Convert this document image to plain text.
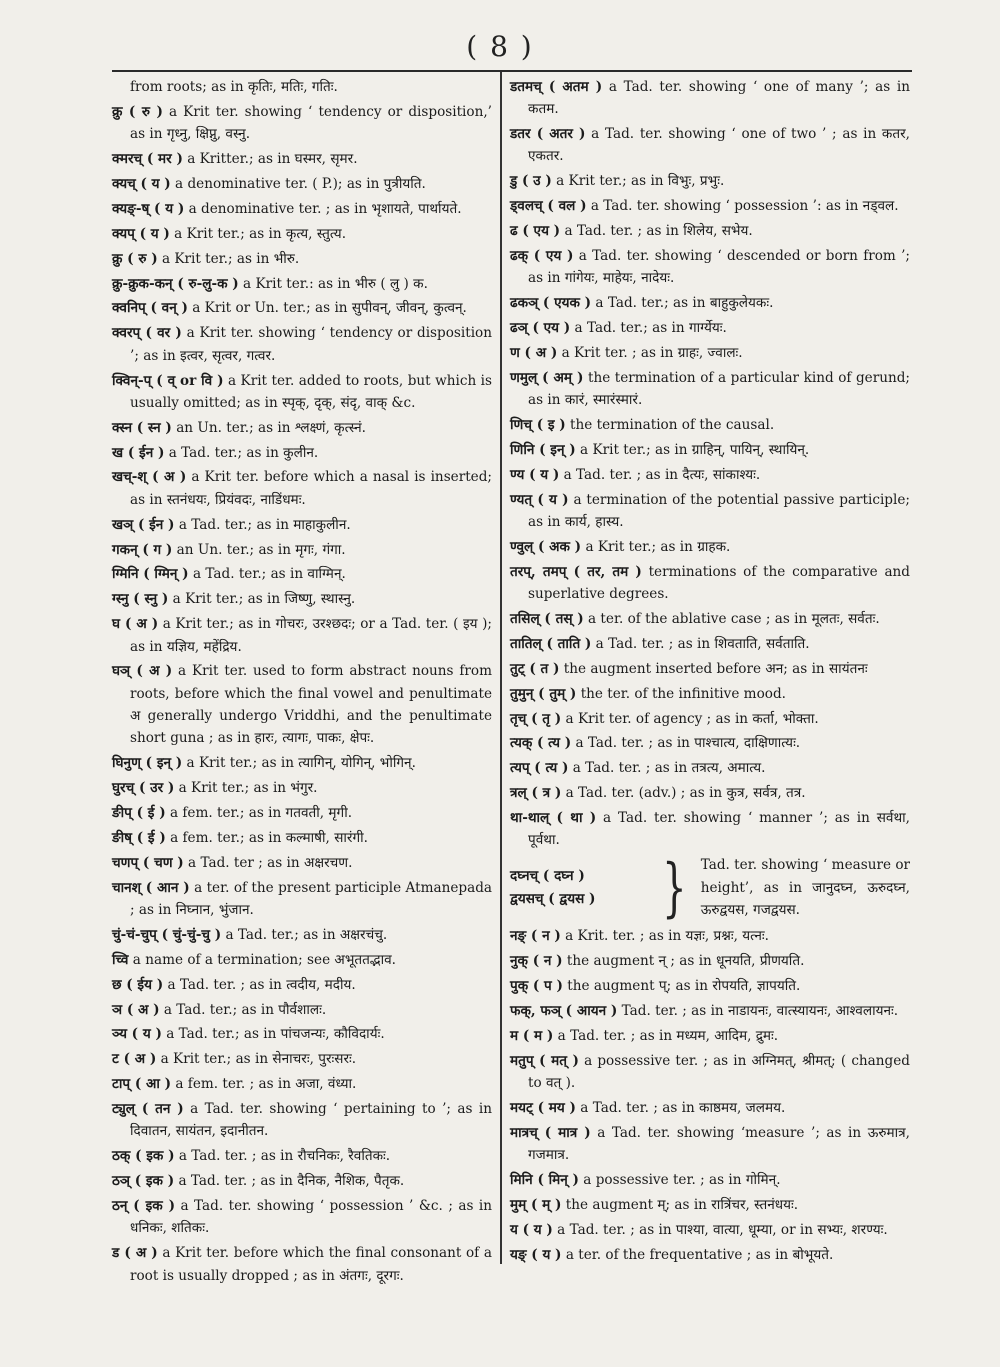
( 8 )

from roots; as in कृतिः, मतिः, गतिः.

क्रु ( रु ) a Krit ter. showing ‘ tendency or disposition,’ as in गृध्नु, क्षिप्नु, वस्नु.

क्मरच् ( मर ) a Kritter.; as in घस्मर, सृमर.

क्यच् ( य ) a denominative ter. ( P.); as in पुत्रीयति.

क्यङ्-ष् ( य ) a denominative ter. ; as in भृशायते, पार्थायते.

क्यप् ( य ) a Krit ter.; as in कृत्य, स्तुत्य.

क्रु ( रु ) a Krit ter.; as in भीरु.

क्रु-क्रुक-कन् ( रु-लु-क ) a Krit ter.: as in भीरु ( लु ) क.

क्वनिप् ( वन् ) a Krit or Un. ter.; as in सुपीवन्, जीवन्, कुत्वन्.

क्वरप् ( वर ) a Krit ter. showing ‘ tendency or disposition ’; as in इत्वर, सृत्वर, गत्वर.

क्विन्-प् ( व् or वि ) a Krit ter. added to roots, but which is usually omitted; as in स्पृक्, दृक्, संदृ, वाक् &c.

क्स्न ( स्न ) an Un. ter.; as in श्लक्ष्णं, कृत्स्नं.

ख ( ईन ) a Tad. ter.; as in कुलीन.

खच्-श् ( अ ) a Krit ter. before which a nasal is inserted; as in स्तनंधयः, प्रियंवदः, नाडिंधमः.

खञ् ( ईन ) a Tad. ter.; as in माहाकुलीन.

गकन् ( ग ) an Un. ter.; as in मृगः, गंगा.

ग्मिनि ( ग्मिन् ) a Tad. ter.; as in वाग्मिन्.

ग्स्नु ( स्नु ) a Krit ter.; as in जिष्णु, स्थास्नु.

घ ( अ ) a Krit ter.; as in गोचरः, उरश्छदः; or a Tad. ter. ( इय ); as in यज्ञिय, महेंद्रिय.

घञ् ( अ ) a Krit ter. used to form abstract nouns from roots, before which the final vowel and penultimate अ generally undergo Vriddhi, and the penultimate short guna ; as in हारः, त्यागः, पाकः, क्षेपः.

घिनुण् ( इन् ) a Krit ter.; as in त्यागिन्, योगिन्, भोगिन्.

घुरच् ( उर ) a Krit ter.; as in भंगुर.

ङीप् ( ई ) a fem. ter.; as in गतवती, मृगी.

ङीष् ( ई ) a fem. ter.; as in कल्माषी, सारंगी.

चणप् ( चण ) a Tad. ter ; as in अक्षरचण.

चानश् ( आन ) a ter. of the present participle Atmanepada ; as in निघ्नान, भुंजान.

चुं-चं-चुप् ( चुं-चुं-चु ) a Tad. ter.; as in अक्षरचंचु.

च्वि a name of a termination; see अभूततद्भाव.

छ ( ईय ) a Tad. ter. ; as in त्वदीय, मदीय.

ञ ( अ ) a Tad. ter.; as in पौर्वशालः.

ञ्य ( य ) a Tad. ter.; as in पांचजन्यः, कौविदार्यः.

ट ( अ ) a Krit ter.; as in सेनाचरः, पुरःसरः.

टाप् ( आ ) a fem. ter. ; as in अजा, वंध्या.

ट्युल् ( तन ) a Tad. ter. showing ‘ pertaining to ’; as in दिवातन, सायंतन, इदानीतन.

ठक् ( इक ) a Tad. ter. ; as in रौचनिकः, रैवतिकः.

ठञ् ( इक ) a Tad. ter. ; as in दैनिक, नैशिक, पैतृक.

ठन् ( इक ) a Tad. ter. showing ‘ possession ’ &c. ; as in धनिकः, शतिकः.

ड ( अ ) a Krit ter. before which the final consonant of a root is usually dropped ; as in अंतगः, दूरगः.

डतमच् ( अतम ) a Tad. ter. showing ‘ one of many ’; as in कतम.

डतर ( अतर ) a Tad. ter. showing ‘ one of two ’ ; as in कतर, एकतर.

डु ( उ ) a Krit ter.; as in विभुः, प्रभुः.

ड्वलच् ( वल ) a Tad. ter. showing ‘ possession ’: as in नड्वल.

ढ ( एय ) a Tad. ter. ; as in शिलेय, सभेय.

ढक् ( एय ) a Tad. ter. showing ‘ descended or born from ’; as in गांगेयः, माहेयः, नादेयः.

ढकञ् ( एयक ) a Tad. ter.; as in बाहुकुलेयकः.

ढञ् ( एय ) a Tad. ter.; as in गार्ग्येयः.

ण ( अ ) a Krit ter. ; as in ग्राहः, ज्वालः.

णमुल् ( अम् ) the termination of a particular kind of gerund; as in कारं, स्मारंस्मारं.

णिच् ( इ ) the termination of the causal.

णिनि ( इन् ) a Krit ter.; as in ग्राहिन्, पायिन्, स्थायिन्.

ण्य ( य ) a Tad. ter. ; as in दैत्यः, सांकाश्यः.

ण्यत् ( य ) a termination of the potential passive participle; as in कार्य, हास्य.

ण्वुल् ( अक ) a Krit ter.; as in ग्राहक.

तरप्, तमप् ( तर, तम ) terminations of the comparative and superlative degrees.

तसिल् ( तस् ) a ter. of the ablative case ; as in मूलतः, सर्वतः.

तातिल् ( ताति ) a Tad. ter. ; as in शिवताति, सर्वताति.

तुट् ( त ) the augment inserted before अन; as in सायंतनः

तुमुन् ( तुम् ) the ter. of the infinitive mood.

तृच् ( तृ ) a Krit ter. of agency ; as in कर्ता, भोक्ता.

त्यक् ( त्य ) a Tad. ter. ; as in पाश्चात्य, दाक्षिणात्यः.

त्यप् ( त्य ) a Tad. ter. ; as in तत्रत्य, अमात्य.

त्रल् ( त्र ) a Tad. ter. (adv.) ; as in कुत्र, सर्वत्र, तत्र.

था-थाल् ( था ) a Tad. ter. showing ‘ manner ’; as in सर्वथा, पूर्वथा.

दघ्नच् ( दघ्न )
द्वयसच् ( द्वयस )	} Tad. ter. showing ‘ measure or height’, as in जानुदघ्न, ऊरुदघ्न, ऊरुद्वयस, गजद्वयस.

नङ् ( न ) a Krit. ter. ; as in यज्ञः, प्रश्नः, यत्नः.

नुक् ( न ) the augment न् ; as in धूनयति, प्रीणयति.

पुक् ( प ) the augment प्; as in रोपयति, ज्ञापयति.

फक्, फञ् ( आयन ) Tad. ter. ; as in नाडायनः, वात्स्यायनः, आश्वलायनः.

म ( म ) a Tad. ter. ; as in मध्यम, आदिम, द्रुमः.

मतुप् ( मत् ) a possessive ter. ; as in अग्निमत्, श्रीमत्; ( changed to वत् ).

मयट् ( मय ) a Tad. ter. ; as in काष्ठमय, जलमय.

मात्रच् ( मात्र ) a Tad. ter. showing ‘measure ’; as in ऊरुमात्र, गजमात्र.

मिनि ( मिन् ) a possessive ter. ; as in गोमिन्.

मुम् ( म् ) the augment म्; as in रात्रिंचर, स्तनंधयः.

य ( य ) a Tad. ter. ; as in पाश्या, वात्या, धूम्या, or in सभ्यः, शरण्यः.

यङ् ( य ) a ter. of the frequentative ; as in बोभूयते.
